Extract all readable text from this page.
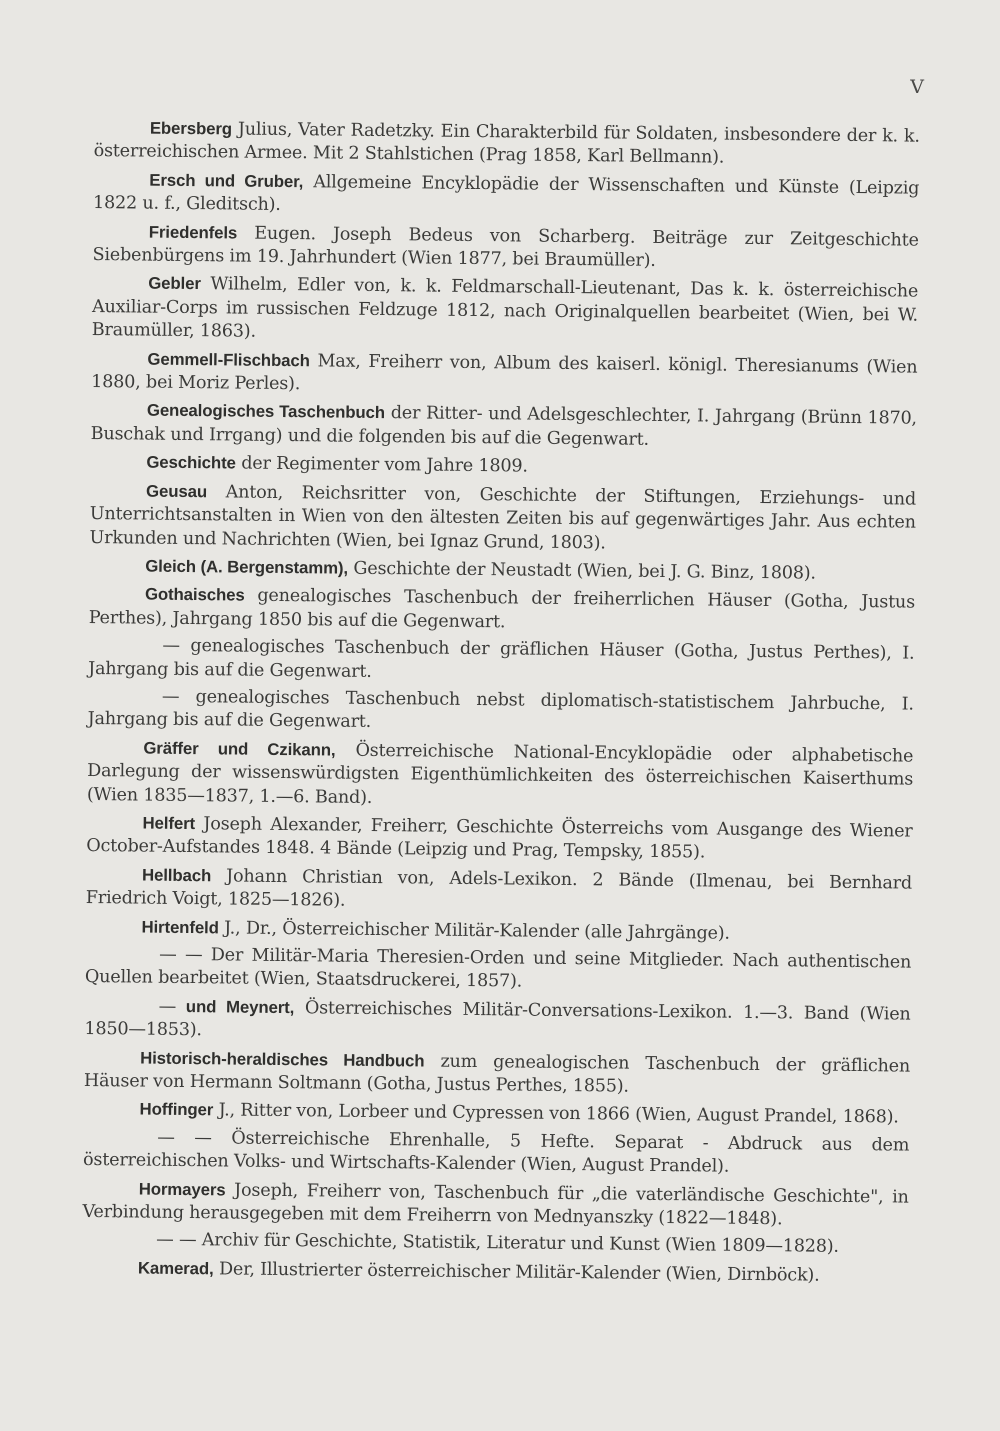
V

Ebersberg Julius, Vater Radetzky. Ein Charakterbild für Soldaten, insbesondere der k. k. österreichischen Armee. Mit 2 Stahlstichen (Prag 1858, Karl Bellmann).

Ersch und Gruber, Allgemeine Encyklopädie der Wissenschaften und Künste (Leipzig 1822 u. f., Gleditsch).

Friedenfels Eugen. Joseph Bedeus von Scharberg. Beiträge zur Zeitgeschichte Siebenbürgens im 19. Jahrhundert (Wien 1877, bei Braumüller).

Gebler Wilhelm, Edler von, k. k. Feldmarschall-Lieutenant, Das k. k. österreichische Auxiliar-Corps im russischen Feldzuge 1812, nach Originalquellen bearbeitet (Wien, bei W. Braumüller, 1863).

Gemmell-Flischbach Max, Freiherr von, Album des kaiserl. königl. Theresianums (Wien 1880, bei Moriz Perles).

Genealogisches Taschenbuch der Ritter- und Adelsgeschlechter, I. Jahrgang (Brünn 1870, Buschak und Irrgang) und die folgenden bis auf die Gegenwart.

Geschichte der Regimenter vom Jahre 1809.

Geusau Anton, Reichsritter von, Geschichte der Stiftungen, Erziehungs- und Unterrichtsanstalten in Wien von den ältesten Zeiten bis auf gegenwärtiges Jahr. Aus echten Urkunden und Nachrichten (Wien, bei Ignaz Grund, 1803).

Gleich (A. Bergenstamm), Geschichte der Neustadt (Wien, bei J. G. Binz, 1808).

Gothaisches genealogisches Taschenbuch der freiherrlichen Häuser (Gotha, Justus Perthes), Jahrgang 1850 bis auf die Gegenwart.

— genealogisches Taschenbuch der gräflichen Häuser (Gotha, Justus Perthes), I. Jahrgang bis auf die Gegenwart.

— genealogisches Taschenbuch nebst diplomatisch-statistischem Jahrbuche, I. Jahrgang bis auf die Gegenwart.

Gräffer und Czikann, Österreichische National-Encyklopädie oder alphabetische Darlegung der wissenswürdigsten Eigenthümlichkeiten des österreichischen Kaiserthums (Wien 1835—1837, 1.—6. Band).

Helfert Joseph Alexander, Freiherr, Geschichte Österreichs vom Ausgange des Wiener October-Aufstandes 1848. 4 Bände (Leipzig und Prag, Tempsky, 1855).

Hellbach Johann Christian von, Adels-Lexikon. 2 Bände (Ilmenau, bei Bernhard Friedrich Voigt, 1825—1826).

Hirtenfeld J., Dr., Österreichischer Militär-Kalender (alle Jahrgänge).

— — Der Militär-Maria Theresien-Orden und seine Mitglieder. Nach authentischen Quellen bearbeitet (Wien, Staatsdruckerei, 1857).

— und Meynert, Österreichisches Militär-Conversations-Lexikon. 1.—3. Band (Wien 1850—1853).

Historisch-heraldisches Handbuch zum genealogischen Taschenbuch der gräflichen Häuser von Hermann Soltmann (Gotha, Justus Perthes, 1855).

Hoffinger J., Ritter von, Lorbeer und Cypressen von 1866 (Wien, August Prandel, 1868).

— — Österreichische Ehrenhalle, 5 Hefte. Separat - Abdruck aus dem österreichischen Volks- und Wirtschafts-Kalender (Wien, August Prandel).

Hormayers Joseph, Freiherr von, Taschenbuch für „die vaterländische Geschichte", in Verbindung herausgegeben mit dem Freiherrn von Mednyanszky (1822—1848).

— — Archiv für Geschichte, Statistik, Literatur und Kunst (Wien 1809—1828).

Kamerad, Der, Illustrierter österreichischer Militär-Kalender (Wien, Dirnböck).
